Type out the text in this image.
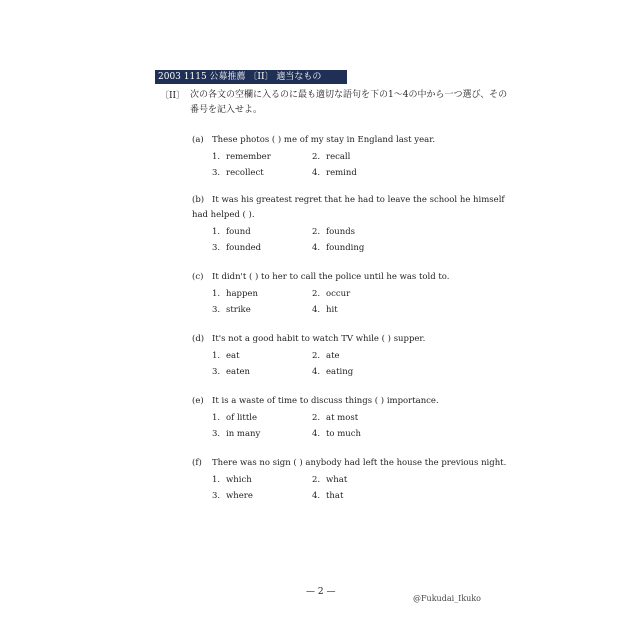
2003 1115 公募推薦 〔II〕 適当なもの
〔II〕 次の各文の空欄に入るのに最も適切な語句を下の1〜4の中から一つ選び、その番号を記入せよ。
(a) These photos ( ) me of my stay in England last year.
1. remember	2. recall
3. recollect	4. remind
(b) It was his greatest regret that he had to leave the school he himself had helped ( ).
1. found	2. founds
3. founded	4. founding
(c) It didn't ( ) to her to call the police until he was told to.
1. happen	2. occur
3. strike	4. hit
(d) It's not a good habit to watch TV while ( ) supper.
1. eat	2. ate
3. eaten	4. eating
(e) It is a waste of time to discuss things ( ) importance.
1. of little	2. at most
3. in many	4. to much
(f) There was no sign ( ) anybody had left the house the previous night.
1. which	2. what
3. where	4. that
— 2 —
@Fukudai_Ikuko
